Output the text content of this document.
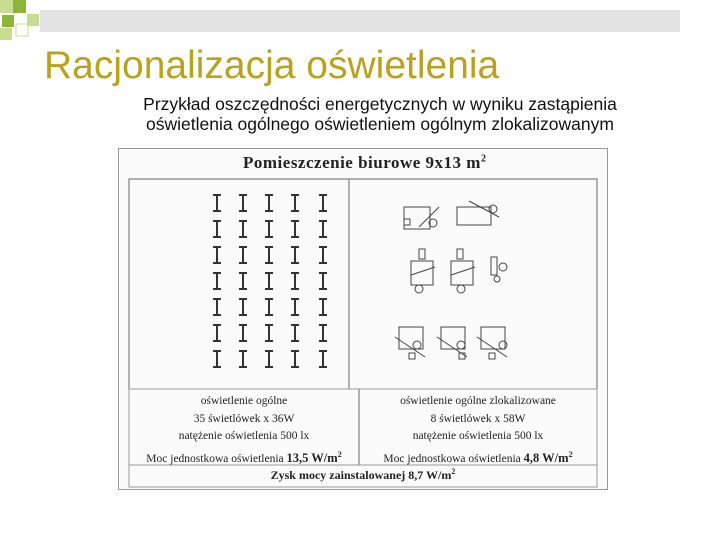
Racjonalizacja oświetlenia
Przykład oszczędności energetycznych w wyniku zastąpienia oświetlenia ogólnego oświetleniem ogólnym zlokalizowanym
Pomieszczenie biurowe 9x13 $m^2$
oświetlenie ogólne
35 świetlówek x 36W
natężenie oświetlenia 500 lx
Moc jednostkowa oświetlenia 13,5 $W/m^2$
oświetlenie ogólne zlokalizowane
8 świetlówek x 58W
natężenie oświetlenia 500 lx
Moc jednostkowa oświetlenia 4,8 $W/m^2$
Zysk mocy zainstalowanej 8,7 $W/m^2$
